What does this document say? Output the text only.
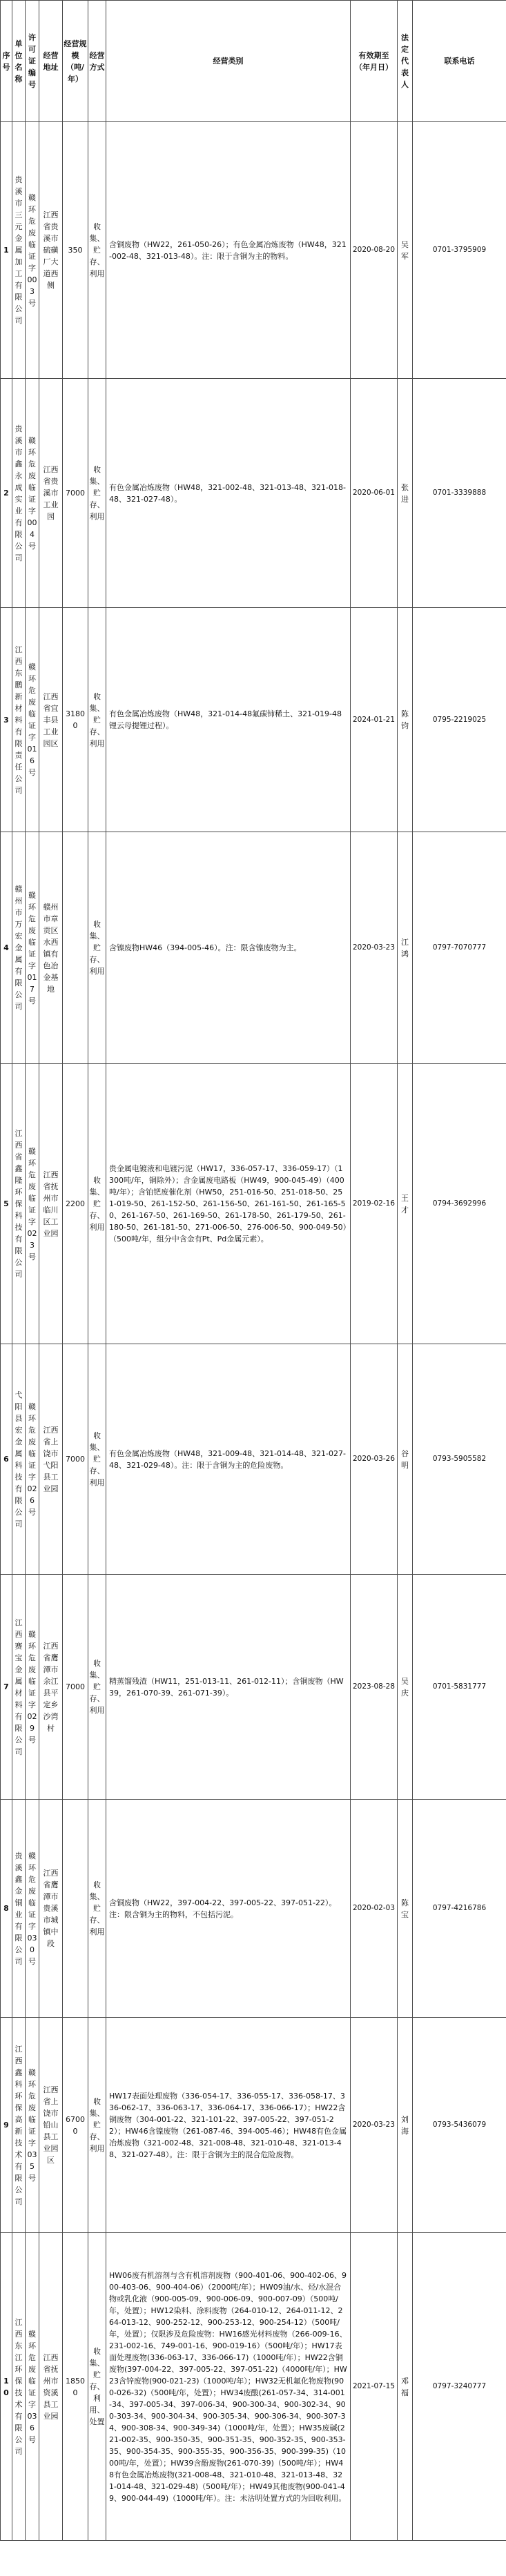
序号	单位名称	许可证编号	经营地址	经营规模（吨/年）	经营方式	经营类别	有效期至（年月日）	法定代表人	联系电话
1	贵溪市三元金属加工有限公司	赣环危废临证字003号	江西省贵溪市硫磺厂大道西侧	350	收集、贮存、利用	含铜废物（HW22，261-050-26）；有色金属冶炼废物（HW48，321-002-48、321-013-48）。注：限于含铜为主的物料。	2020-08-20	吴军	0701-3795909
2	贵溪市鑫永成实业有限公司	赣环危废临证字004号	江西省贵溪市工业园	7000	收集、贮存、利用	有色金属冶炼废物（HW48，321-002-48、321-013-48、321-018-48、321-027-48）。	2020-06-01	张进	0701-3339888
3	江西东鹏新材料有限责任公司	赣环危废临证字016号	江西省宜丰县工业园区	31800	收集、贮存、利用	有色金属冶炼废物（HW48，321-014-48氟碳铈稀土、321-019-48锂云母提锂过程）。	2024-01-21	陈钧	0795-2219025
4	赣州市万宏金属有限公司	赣环危废临证字017号	赣州市章贡区水西镇有色冶金基地		收集、贮存、利用	含镍废物HW46（394-005-46）。注：限含镍废物为主。	2020-03-23	江鸿	0797-7070777
5	江西省鑫隆环保科技有限公司	赣环危废临证字023号	江西省抚州市临川区工业园	2200	收集、贮存、利用	贵金属电镀液和电镀污泥（HW17，336-057-17、336-059-17）（1300吨/年，铜除外）；含金属废电路板（HW49，900-045-49）（400吨/年）；含铂钯废催化剂（HW50，251-016-50、251-018-50、251-019-50、261-152-50、261-156-50、261-161-50、261-165-50、261-167-50、261-169-50、261-178-50、261-179-50、261-180-50、261-181-50、271-006-50、276-006-50、900-049-50）（500吨/年，组分中含金有Pt、Pd金属元素）。	2019-02-16	王才	0794-3692996
6	弋阳县宏金属科技有限公司	赣环危废临证字026号	江西省上饶市弋阳县工业园	7000	收集、贮存、利用	有色金属冶炼废物（HW48，321-009-48、321-014-48、321-027-48、321-029-48）。注：限于含铜为主的危险废物。	2020-03-26	谷明	0793-5905582
7	江西赛宝金属材料有限公司	赣环危废临证字029号	江西省鹰潭市余江县平定乡沙湾村	7000	收集、贮存、利用	精蒸馏残渣（HW11，251-013-11、261-012-11）；含铜废物（HW39，261-070-39、261-071-39）。	2023-08-28	吴庆	0701-5831777
8	贵溪鑫金铜业有限公司	赣环危废临证字030号	江西省鹰潭市贵溪市城镇中段		收集、贮存、利用	含铜废物（HW22，397-004-22、397-005-22、397-051-22）。注：限含铜为主的物料，不包括污泥。	2020-02-03	陈宝	0797-4216786
9	江西鑫科环保高新技术有限公司	赣环危废临证字035号	江西省上饶市铅山县工业园区	67000	收集、贮存、利用	HW17表面处理废物（336-054-17、336-055-17、336-058-17、336-062-17、336-063-17、336-064-17、336-066-17）；HW22含铜废物（304-001-22、321-101-22、397-005-22、397-051-22）；HW46含镍废物（261-087-46、394-005-46）；HW48有色金属冶炼废物（321-002-48、321-008-48、321-010-48、321-013-48、321-027-48）。注：限于含铜为主的混合危险废物。	2020-03-23	刘海	0793-5436079
10	江西东江环保技术有限公司	赣环危废临证字036号	江西省抚州市资溪县工业园	18500	收集、贮存、利用、处置	HW06废有机溶剂与含有机溶剂废物（900-401-06、900-402-06、900-403-06、900-404-06）（2000吨/年）；HW09油/水、烃/水混合物或乳化液（900-005-09、900-006-09、900-007-09）（500吨/年，处置）；HW12染料、涂料废物（264-010-12、264-011-12、264-013-12、900-252-12、900-253-12、900-254-12）（500吨/年，处置）；仅限涉及危险废物：HW16感光材料废物（266-009-16、231-002-16、749-001-16、900-019-16）（500吨/年）；HW17表面处理废物(336-063-17、336-066-17)（1000吨/年）；HW22含铜废物(397-004-22、397-005-22、397-051-22)（4000吨/年）；HW23含锌废物(900-021-23)（1000吨/年）；HW32无机氟化物废物(900-026-32)（500吨/年，处置）；HW34废酸(261-057-34、314-001-34、397-005-34、397-006-34、900-300-34、900-302-34、900-303-34、900-304-34、900-305-34、900-306-34、900-307-34、900-308-34、900-349-34)（1000吨/年，处置）；HW35废碱(221-002-35、900-350-35、900-351-35、900-352-35、900-353-35、900-354-35、900-355-35、900-356-35、900-399-35)（1000吨/年，处置）；HW39含酚废物(261-070-39)（500吨/年）；HW48有色金属冶炼废物(321-008-48、321-010-48、321-013-48、321-014-48、321-029-48)（500吨/年）；HW49其他废物(900-041-49、900-044-49)（1000吨/年）。注：未沾明处置方式的为回收利用。	2021-07-15	邓福	0797-3240777
